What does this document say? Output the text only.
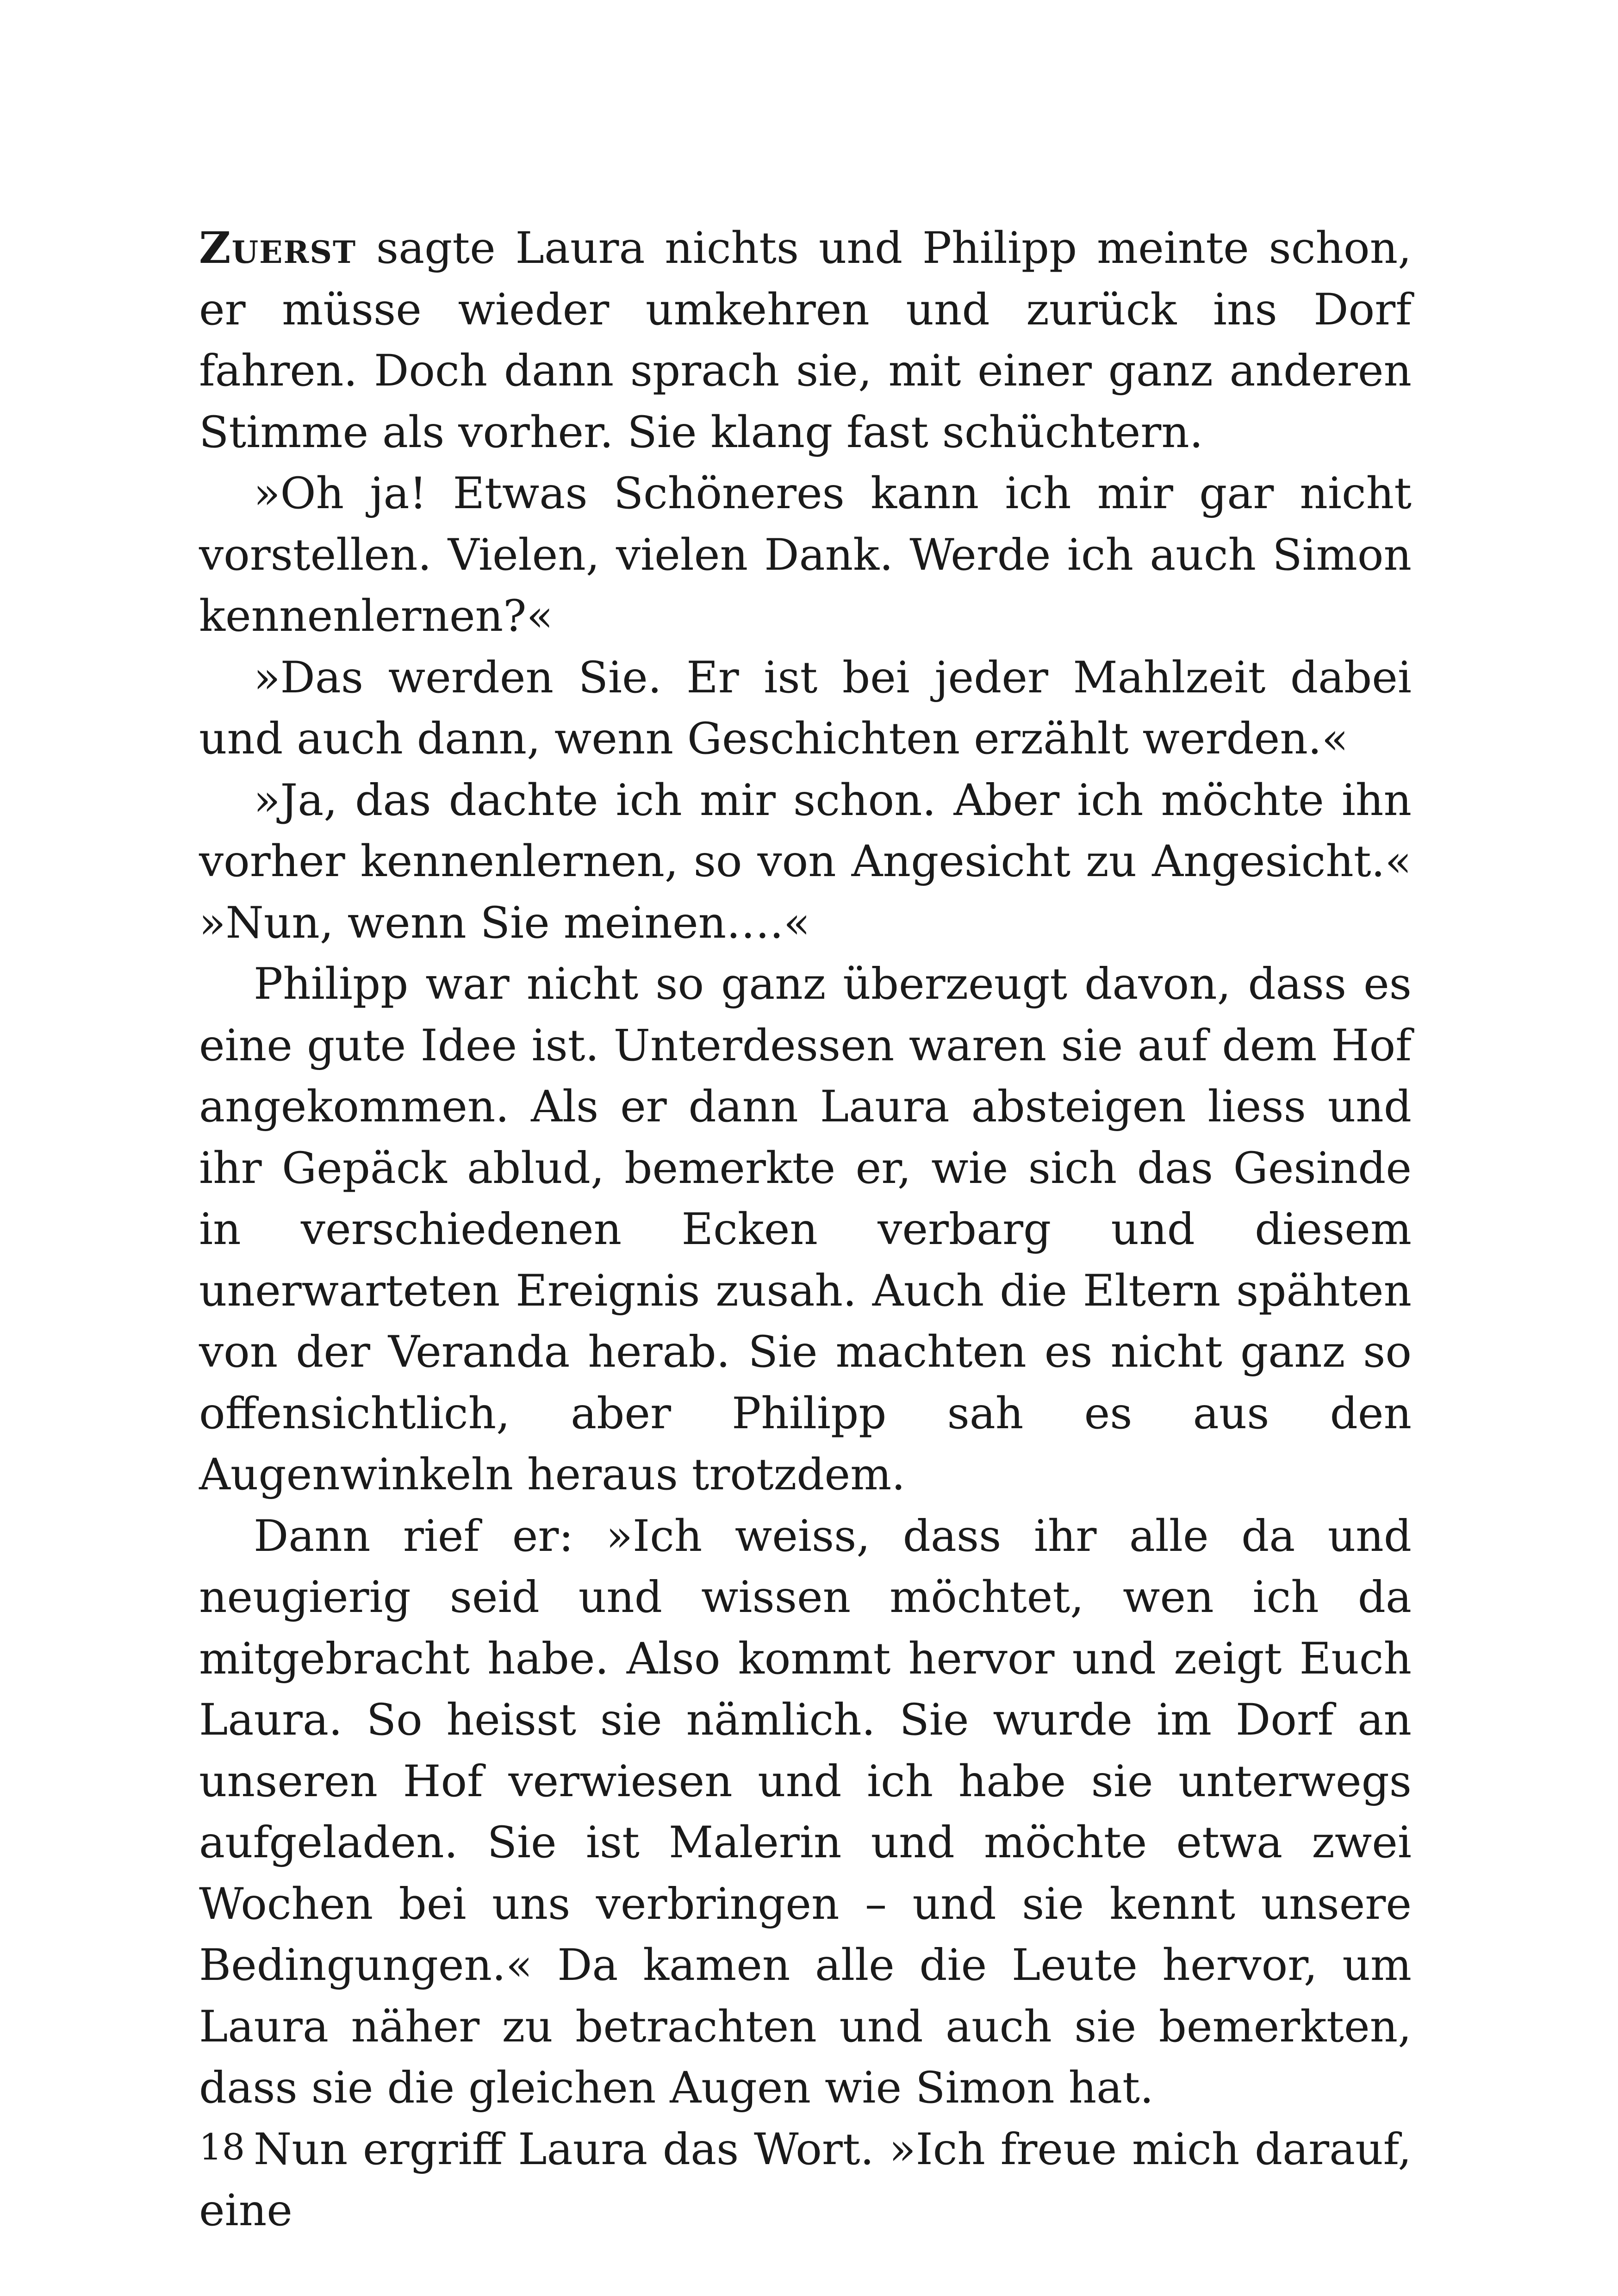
Zuerst sagte Laura nichts und Philipp meinte schon, er müsse wieder umkehren und zurück ins Dorf fahren. Doch dann sprach sie, mit einer ganz anderen Stimme als vorher. Sie klang fast schüchtern.

»Oh ja! Etwas Schöneres kann ich mir gar nicht vorstellen. Vielen, vielen Dank. Werde ich auch Simon kennenlernen?«

»Das werden Sie. Er ist bei jeder Mahlzeit dabei und auch dann, wenn Geschichten erzählt werden.«

»Ja, das dachte ich mir schon. Aber ich möchte ihn vorher kennenlernen, so von Angesicht zu Angesicht.« »Nun, wenn Sie meinen….«

Philipp war nicht so ganz überzeugt davon, dass es eine gute Idee ist. Unterdessen waren sie auf dem Hof angekommen. Als er dann Laura absteigen liess und ihr Gepäck ablud, bemerkte er, wie sich das Gesinde in verschiedenen Ecken verbarg und diesem unerwarteten Ereignis zusah. Auch die Eltern spähten von der Veranda herab. Sie machten es nicht ganz so offensichtlich, aber Philipp sah es aus den Augenwinkeln heraus trotzdem.

Dann rief er: »Ich weiss, dass ihr alle da und neugierig seid und wissen möchtet, wen ich da mitgebracht habe. Also kommt hervor und zeigt Euch Laura. So heisst sie nämlich. Sie wurde im Dorf an unseren Hof verwiesen und ich habe sie unterwegs aufgeladen. Sie ist Malerin und möchte etwa zwei Wochen bei uns verbringen – und sie kennt unsere Bedingungen.« Da kamen alle die Leute hervor, um Laura näher zu betrachten und auch sie bemerkten, dass sie die gleichen Augen wie Simon hat.

Nun ergriff Laura das Wort. »Ich freue mich darauf, eine

18
